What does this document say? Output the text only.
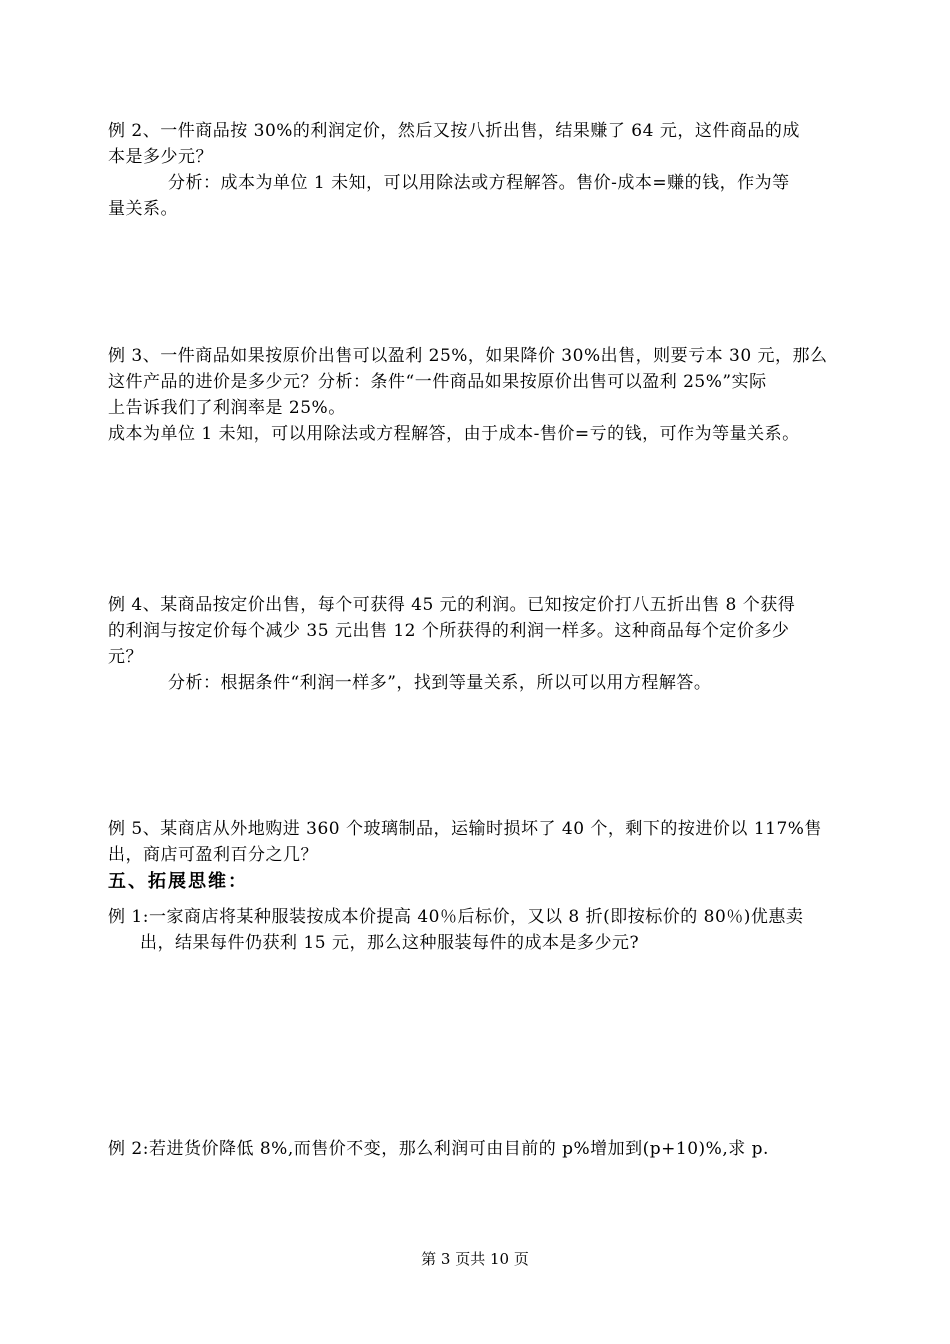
例 2、一件商品按 30%的利润定价，然后又按八折出售，结果赚了 64 元，这件商品的成
本是多少元？
分析：成本为单位 1 未知，可以用除法或方程解答。售价-成本=赚的钱，作为等
量关系。
例 3、一件商品如果按原价出售可以盈利 25%，如果降价 30%出售，则要亏本 30 元，那么
这件产品的进价是多少元？分析：条件“一件商品如果按原价出售可以盈利 25%”实际
上告诉我们了利润率是 25%。
成本为单位 1 未知，可以用除法或方程解答，由于成本-售价=亏的钱，可作为等量关系。
例 4、某商品按定价出售，每个可获得 45 元的利润。已知按定价打八五折出售 8 个获得
的利润与按定价每个减少 35 元出售 12 个所获得的利润一样多。这种商品每个定价多少
元？
分析：根据条件“利润一样多”，找到等量关系，所以可以用方程解答。
例 5、某商店从外地购进 360 个玻璃制品，运输时损坏了 40 个，剩下的按进价以 117%售
出，商店可盈利百分之几？
五、拓展思维：
例 1:一家商店将某种服装按成本价提高 40％后标价，又以 8 折(即按标价的 80％)优惠卖
出，结果每件仍获利 15 元，那么这种服装每件的成本是多少元?
例 2:若进货价降低 8%,而售价不变，那么利润可由目前的 p%增加到(p+10)%,求 p.
第 3 页共 10 页
